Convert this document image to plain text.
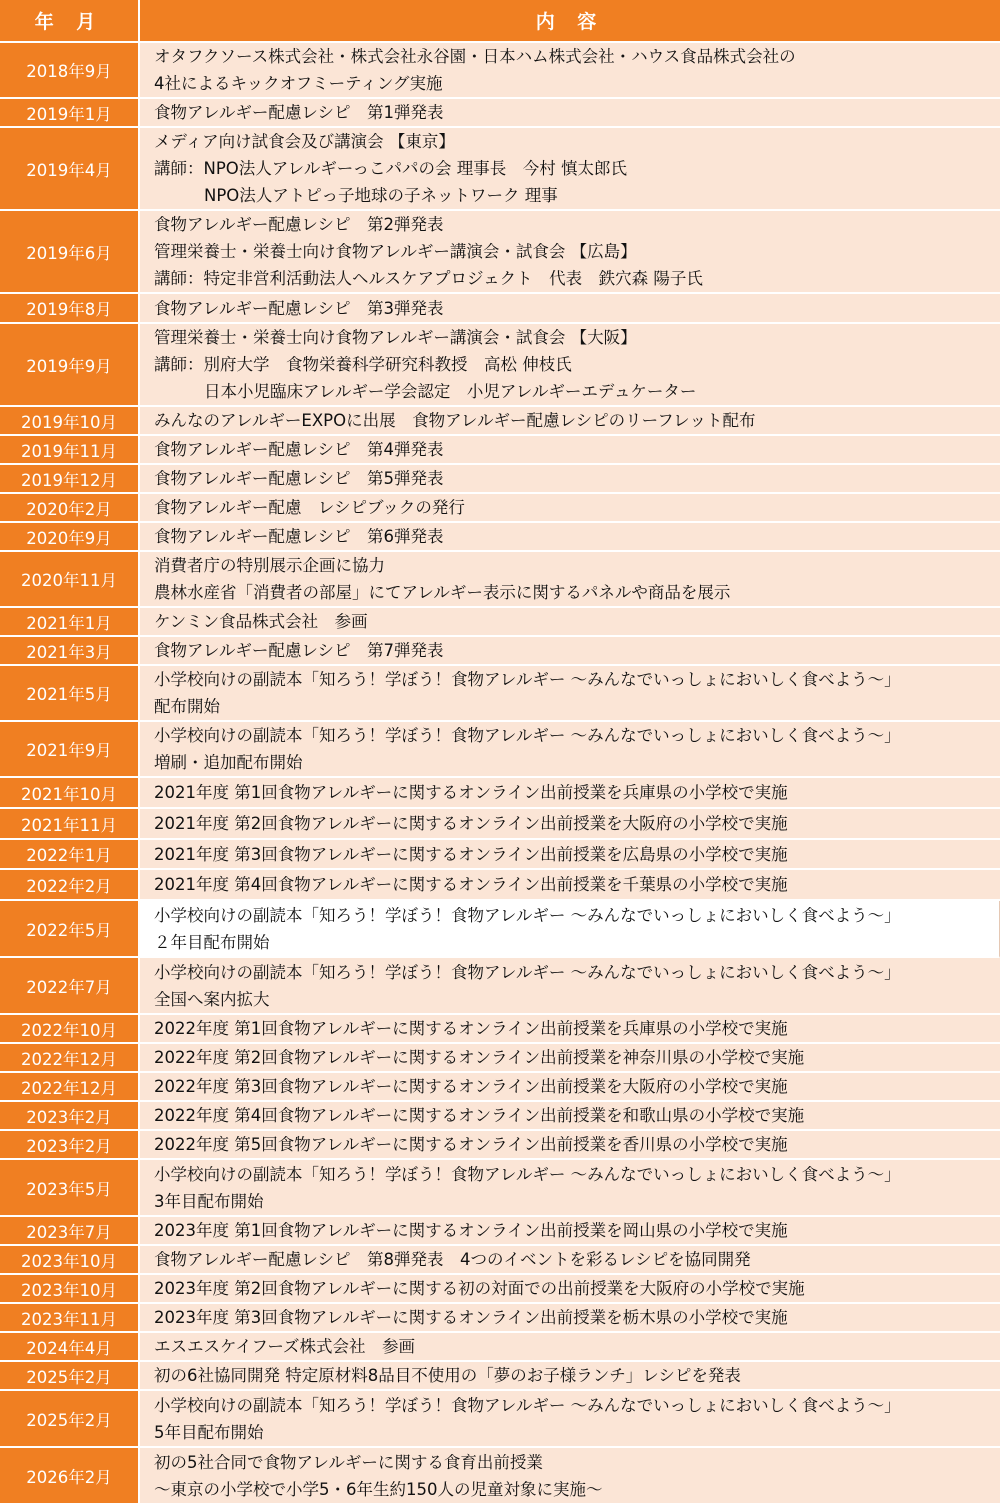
年 月	内 容
2018年9月	オタフクソース株式会社・株式会社永谷園・日本ハム株式会社・ハウス食品株式会社の
4社によるキックオフミーティング実施

2019年1月	食物アレルギー配慮レシピ　第1弾発表

2019年4月	メディア向け試食会及び講演会 【東京】
講師：NPO法人アレルギーっこパパの会 理事長　今村 慎太郎氏
NPO法人アトピっ子地球の子ネットワーク 理事

2019年6月	食物アレルギー配慮レシピ　第2弾発表
管理栄養士・栄養士向け食物アレルギー講演会・試食会 【広島】
講師：特定非営利活動法人ヘルスケアプロジェクト　代表　鉄穴森 陽子氏

2019年8月	食物アレルギー配慮レシピ　第3弾発表

2019年9月	管理栄養士・栄養士向け食物アレルギー講演会・試食会 【大阪】
講師：別府大学　食物栄養科学研究科教授　高松 伸枝氏
日本小児臨床アレルギー学会認定　小児アレルギーエデュケーター

2019年10月	みんなのアレルギーEXPOに出展　食物アレルギー配慮レシピのリーフレット配布

2019年11月	食物アレルギー配慮レシピ　第4弾発表

2019年12月	食物アレルギー配慮レシピ　第5弾発表

2020年2月	食物アレルギー配慮　レシピブックの発行

2020年9月	食物アレルギー配慮レシピ　第6弾発表

2020年11月	消費者庁の特別展示企画に協力
農林水産省「消費者の部屋」にてアレルギー表示に関するパネルや商品を展示

2021年1月	ケンミン食品株式会社　参画

2021年3月	食物アレルギー配慮レシピ　第7弾発表

2021年5月	小学校向けの副読本「知ろう！学ぼう！食物アレルギー ～みんなでいっしょにおいしく食べよう～」
配布開始

2021年9月	小学校向けの副読本「知ろう！学ぼう！食物アレルギー ～みんなでいっしょにおいしく食べよう～」
増刷・追加配布開始

2021年10月	2021年度 第1回食物アレルギーに関するオンライン出前授業を兵庫県の小学校で実施

2021年11月	2021年度 第2回食物アレルギーに関するオンライン出前授業を大阪府の小学校で実施

2022年1月	2021年度 第3回食物アレルギーに関するオンライン出前授業を広島県の小学校で実施

2022年2月	2021年度 第4回食物アレルギーに関するオンライン出前授業を千葉県の小学校で実施

2022年5月	小学校向けの副読本「知ろう！学ぼう！食物アレルギー ～みんなでいっしょにおいしく食べよう～」
２年目配布開始

2022年7月	小学校向けの副読本「知ろう！学ぼう！食物アレルギー ～みんなでいっしょにおいしく食べよう～」
全国へ案内拡大

2022年10月	2022年度 第1回食物アレルギーに関するオンライン出前授業を兵庫県の小学校で実施

2022年12月	2022年度 第2回食物アレルギーに関するオンライン出前授業を神奈川県の小学校で実施

2022年12月	2022年度 第3回食物アレルギーに関するオンライン出前授業を大阪府の小学校で実施

2023年2月	2022年度 第4回食物アレルギーに関するオンライン出前授業を和歌山県の小学校で実施

2023年2月	2022年度 第5回食物アレルギーに関するオンライン出前授業を香川県の小学校で実施

2023年5月	小学校向けの副読本「知ろう！学ぼう！食物アレルギー ～みんなでいっしょにおいしく食べよう～」
3年目配布開始

2023年7月	2023年度 第1回食物アレルギーに関するオンライン出前授業を岡山県の小学校で実施

2023年10月	食物アレルギー配慮レシピ　第8弾発表　4つのイベントを彩るレシピを協同開発

2023年10月	2023年度 第2回食物アレルギーに関する初の対面での出前授業を大阪府の小学校で実施

2023年11月	2023年度 第3回食物アレルギーに関するオンライン出前授業を栃木県の小学校で実施

2024年4月	エスエスケイフーズ株式会社　参画

2025年2月	初の6社協同開発 特定原材料8品目不使用の「夢のお子様ランチ」レシピを発表

2025年2月	小学校向けの副読本「知ろう！学ぼう！食物アレルギー ～みんなでいっしょにおいしく食べよう～」
5年目配布開始

2026年2月	初の5社合同で食物アレルギーに関する食育出前授業
～東京の小学校で小学5・6年生約150人の児童対象に実施～
